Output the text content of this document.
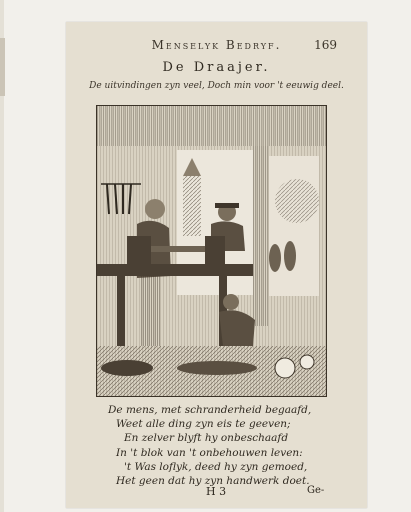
Menselyk Bedryf.	169
De Draajer.
De uitvindingen zyn veel, Doch min voor 't eeuwig deel.
De mens, met schranderheid begaafd,
Weet alle ding zyn eis te geeven;
En zelver blyft hy onbeschaafd
In 't blok van 't onbehouwen leven:
't Was loflyk, deed hy zyn gemoed,
Het geen dat hy zyn handwerk doet.
H 3	Ge-
